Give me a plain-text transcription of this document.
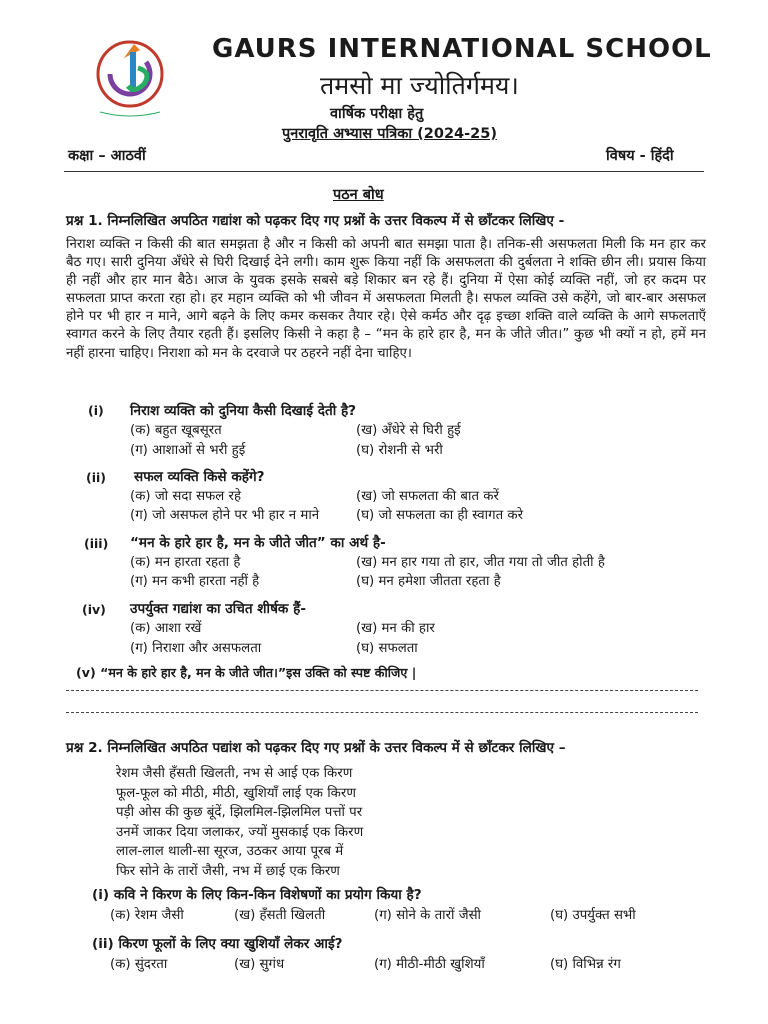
GAURS INTERNATIONAL SCHOOL
तमसो मा ज्योतिर्गमय।
वार्षिक परीक्षा हेतु
पुनरावृति अभ्यास पत्रिका (2024-25)
कक्षा – आठवीं	विषय - हिंदी
पठन बोध
प्रश्न 1. निम्नलिखित अपठित गद्यांश को पढ़कर दिए गए प्रश्नों के उत्तर विकल्प में से छाँटकर लिखिए -
निराश व्यक्ति न किसी की बात समझता है और न किसी को अपनी बात समझा पाता है। तनिक-सी असफलता मिली कि मन हार कर बैठ गए। सारी दुनिया अँधेरे से घिरी दिखाई देने लगी। काम शुरू किया नहीं कि असफलता की दुर्बलता ने शक्ति छीन ली। प्रयास किया ही नहीं और हार मान बैठे। आज के युवक इसके सबसे बड़े शिकार बन रहे हैं। दुनिया में ऐसा कोई व्यक्ति नहीं, जो हर कदम पर सफलता प्राप्त करता रहा हो। हर महान व्यक्ति को भी जीवन में असफलता मिलती है। सफल व्यक्ति उसे कहेंगे, जो बार-बार असफल होने पर भी हार न माने, आगे बढ़ने के लिए कमर कसकर तैयार रहे। ऐसे कर्मठ और दृढ़ इच्छा शक्ति वाले व्यक्ति के आगे सफलताएँ स्वागत करने के लिए तैयार रहती हैं। इसलिए किसी ने कहा है – “मन के हारे हार है, मन के जीते जीत।” कुछ भी क्यों न हो, हमें मन नहीं हारना चाहिए। निराशा को मन के दरवाजे पर ठहरने नहीं देना चाहिए।
(i) निराश व्यक्ति को दुनिया कैसी दिखाई देती है?
(क) बहुत खूबसूरत	(ख) अँधेरे से घिरी हुई
(ग) आशाओं से भरी हुई	(घ) रोशनी से भरी
(ii) सफल व्यक्ति किसे कहेंगे?
(क) जो सदा सफल रहे	(ख) जो सफलता की बात करें
(ग) जो असफल होने पर भी हार न माने	(घ) जो सफलता का ही स्वागत करे
(iii) “मन के हारे हार है, मन के जीते जीत” का अर्थ है-
(क) मन हारता रहता है	(ख) मन हार गया तो हार, जीत गया तो जीत होती है
(ग) मन कभी हारता नहीं है	(घ) मन हमेशा जीतता रहता है
(iv) उपर्युक्त गद्यांश का उचित शीर्षक हैं-
(क) आशा रखें	(ख) मन की हार
(ग) निराशा और असफलता	(घ) सफलता
(v) “मन के हारे हार है, मन के जीते जीत।”इस उक्ति को स्पष्ट कीजिए |
प्रश्न 2. निम्नलिखित अपठित पद्यांश को पढ़कर दिए गए प्रश्नों के उत्तर विकल्प में से छाँटकर लिखिए –
रेशम जैसी हँसती खिलती, नभ से आई एक किरण
फूल-फूल को मीठी, मीठी, खुशियाँ लाई एक किरण
पड़ी ओस की कुछ बूंदें, झिलमिल-झिलमिल पत्तों पर
उनमें जाकर दिया जलाकर, ज्यों मुसकाई एक किरण
लाल-लाल थाली-सा सूरज, उठकर आया पूरब में
फिर सोने के तारों जैसी, नभ में छाई एक किरण
(i) कवि ने किरण के लिए किन-किन विशेषणों का प्रयोग किया है?
(क) रेशम जैसी	(ख) हँसती खिलती	(ग) सोने के तारों जैसी	(घ) उपर्युक्त सभी
(ii) किरण फूलों के लिए क्या खुशियाँ लेकर आई?
(क) सुंदरता	(ख) सुगंध	(ग) मीठी-मीठी खुशियाँ	(घ) विभिन्न रंग
